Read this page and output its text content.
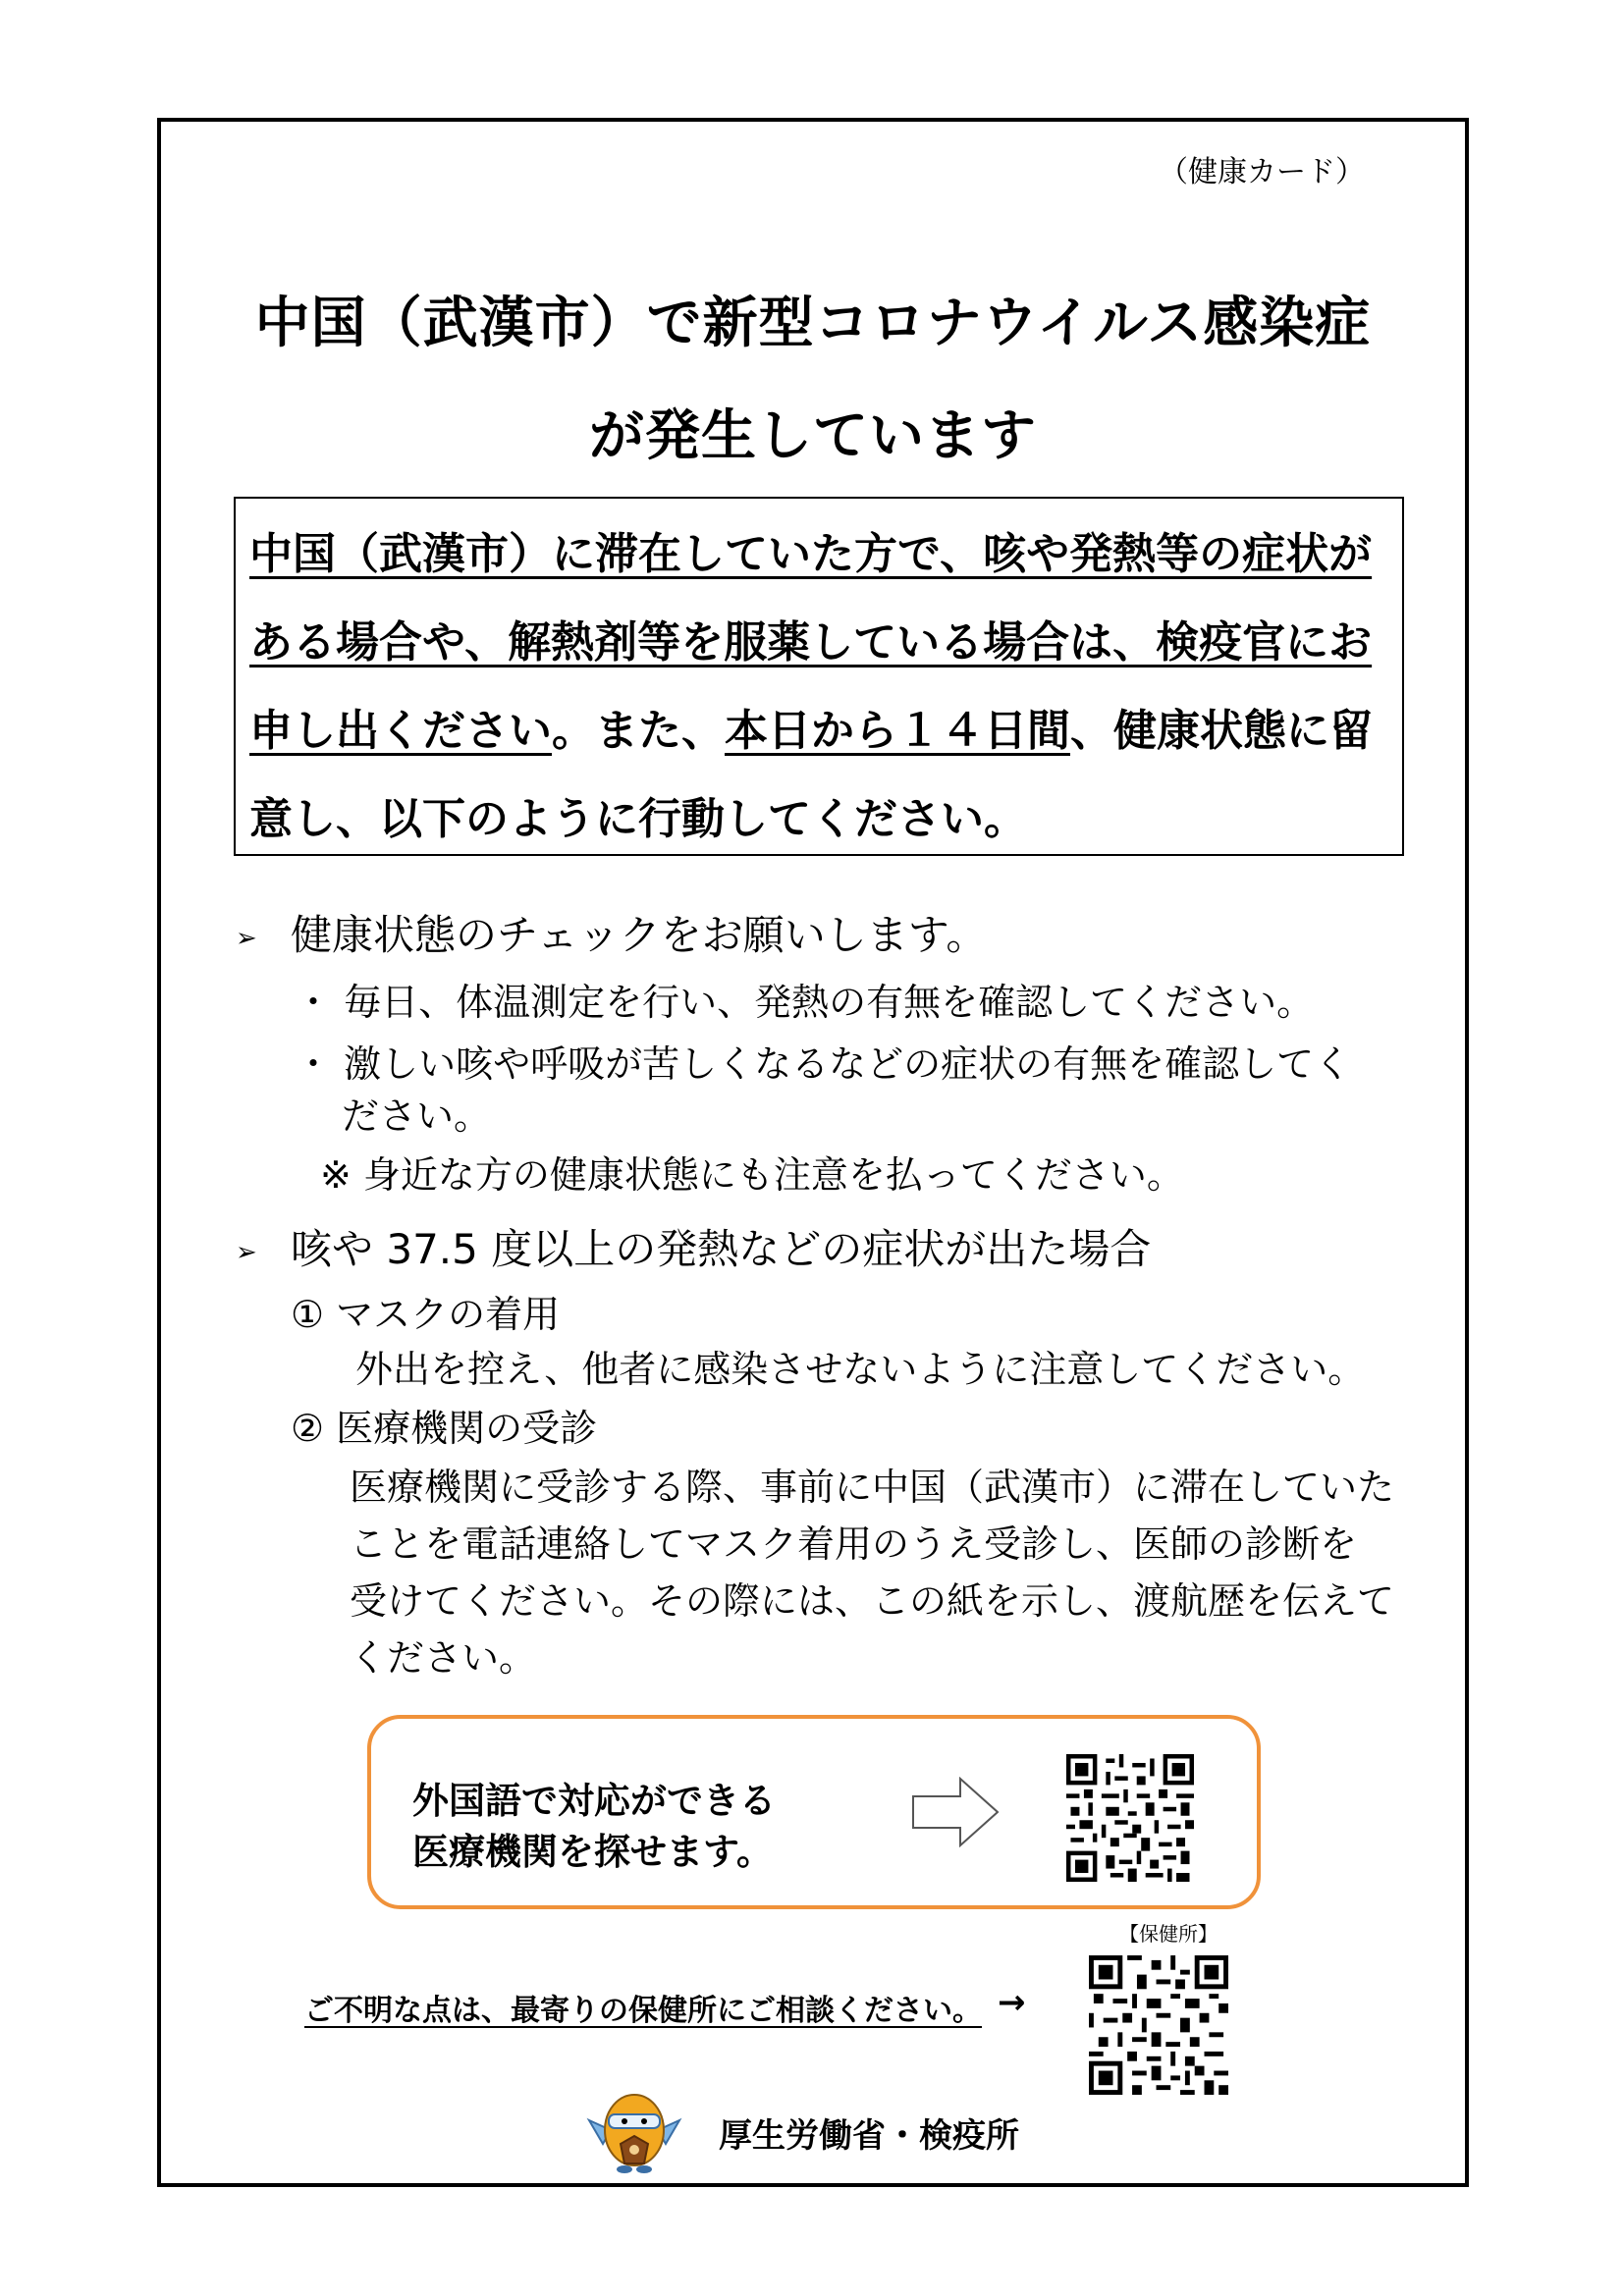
（健康カード）
中国（武漢市）で新型コロナウイルス感染症
が発生しています

中国（武漢市）に滞在していた方で、咳や発熱等の症状が

ある場合や、解熱剤等を服薬している場合は、検疫官にお

申し出ください。また、本日から１４日間、健康状態に留

意し、以下のように行動してください。

➢ 健康状態のチェックをお願いします。
・ 毎日、体温測定を行い、発熱の有無を確認してください。
・ 激しい咳や呼吸が苦しくなるなどの症状の有無を確認してく
ださい。
※ 身近な方の健康状態にも注意を払ってください。
➢ 咳や 37.5 度以上の発熱などの症状が出た場合
① マスクの着用
外出を控え、他者に感染させないように注意してください。
② 医療機関の受診
医療機関に受診する際、事前に中国（武漢市）に滞在していた
ことを電話連絡してマスク着用のうえ受診し、医師の診断を
受けてください。その際には、この紙を示し、渡航歴を伝えて
ください。
外国語で対応ができる
医療機関を探せます。
【保健所】
ご不明な点は、最寄りの保健所にご相談ください。 →
厚生労働省・検疫所
